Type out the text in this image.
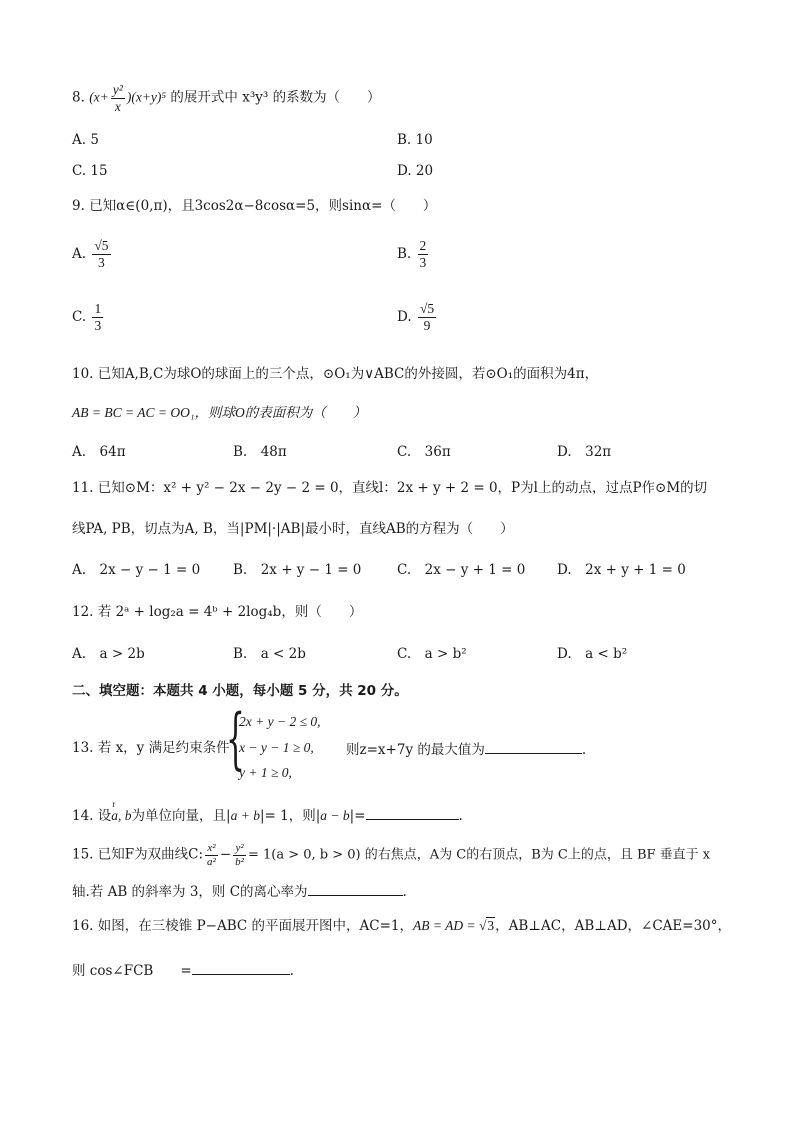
8. $(x+ \frac{\text{y²}}{x} )(x+y)^5$ 的展开式中 x³y³ 的系数为（　　）
A. 5	B. 10
C. 15	D. 20
9. 已知α∈(0,π)，且3cos2α−8cosα=5，则sinα=（　　）
A. $\frac{√5}{3}$	B. $\frac{2}{3}$
C. $\frac{1}{3}$	D. $\frac{√5}{9}$
10. 已知A,B,C为球O的球面上的三个点，⊙O₁为∨ABC的外接圆，若⊙O₁的面积为4π，
AB = BC = AC = OO₁，则球O的表面积为（　　）
A.　64π	B.　48π	C.　36π	D.　32π
11. 已知⊙M：x² + y² − 2x − 2y − 2 = 0，直线l：2x + y + 2 = 0，P为l上的动点，过点P作⊙M的切
线PA, PB，切点为A, B，当|PM|·|AB|最小时，直线AB的方程为（　　）
A.　2x − y − 1 = 0 B.　2x + y − 1 = 0	C.　2x − y + 1 = 0 D.　2x + y + 1 = 0
12. 若 2ᵃ + log₂a = 4ᵇ + 2log₄b，则（　　）
A.　a > 2b	B.　a < 2b	C.　a > b²	D.　a < b²
二、填空题：本题共 4 小题，每小题 5 分，共 20 分。
13. 若 x，y 满足约束条件
{
2x + y − 2 ≤ 0,
x − y − 1 ≥ 0,
y + 1 ≥ 0,
则z=x+7y 的最大值为	.
14. 设r a, b为单位向量，且|a + b|= 1，则|a − b|=	.
15. 已知F为双曲线C: $\frac{\text{x²}}{\text{a²}} - \frac{\text{y²}}{\text{b²}} = 1(a > 0$, b > 0) 的右焦点，A为 C的右顶点，B为 C上的点，且 BF 垂直于 x
轴.若 AB 的斜率为 3，则 C的离心率为	.
16. 如图，在三棱锥 P−ABC 的平面展开图中，AC=1，AB = AD = √3，AB⊥AC，AB⊥AD，∠CAE=30°，
则 cos∠FCB　　=	.
